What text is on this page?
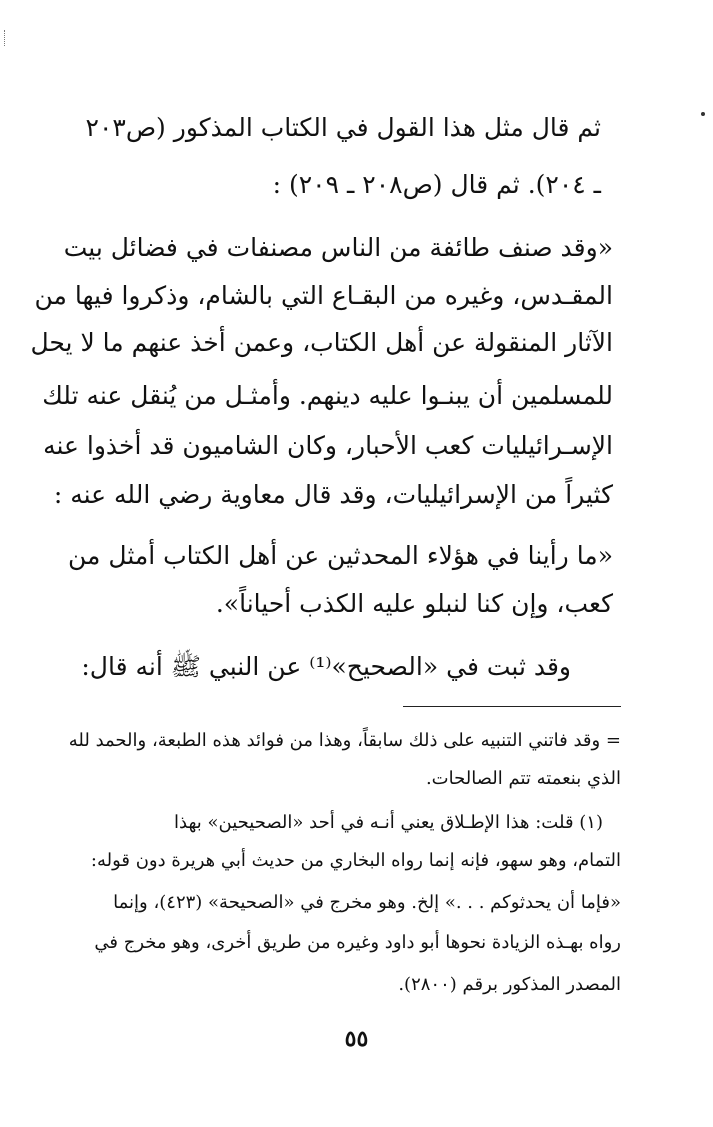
ثم قال مثل هذا القول في الكتاب المذكور (ص٢٠٣
ـ ٢٠٤). ثم قال (ص٢٠٨ ـ ٢٠٩) :
«وقد صنف طائفة من الناس مصنفات في فضائل بيت
المقـدس، وغيره من البقـاع التي بالشام، وذكروا فيها من
الآثار المنقولة عن أهل الكتاب، وعمن أخذ عنهم ما لا يحل
للمسلمين أن يبنـوا عليه دينهم. وأمثـل من يُنقل عنه تلك
الإسـرائيليات كعب الأحبار، وكان الشاميون قد أخذوا عنه
كثيراً من الإسرائيليات، وقد قال معاوية رضي الله عنه :
«ما رأينا في هؤلاء المحدثين عن أهل الكتاب أمثل من
كعب، وإن كنا لنبلو عليه الكذب أحياناً».
وقد ثبت في «الصحيح»⁽¹⁾ عن النبي ﷺ أنه قال:
= وقد فاتني التنبيه على ذلك سابقاً، وهذا من فوائد هذه الطبعة، والحمد لله
الذي بنعمته تتم الصالحات.
(١) قلت: هذا الإطـلاق يعني أنـه في أحد «الصحيحين» بهذا
التمام، وهو سهو، فإنه إنما رواه البخاري من حديث أبي هريرة دون قوله:
«فإما أن يحدثوكم . . .» إلخ. وهو مخرج في «الصحيحة» (٤٢٣)، وإنما
رواه بهـذه الزيادة نحوها أبو داود وغيره من طريق أخرى، وهو مخرج في
المصدر المذكور برقم (٢٨٠٠).
٥٥
